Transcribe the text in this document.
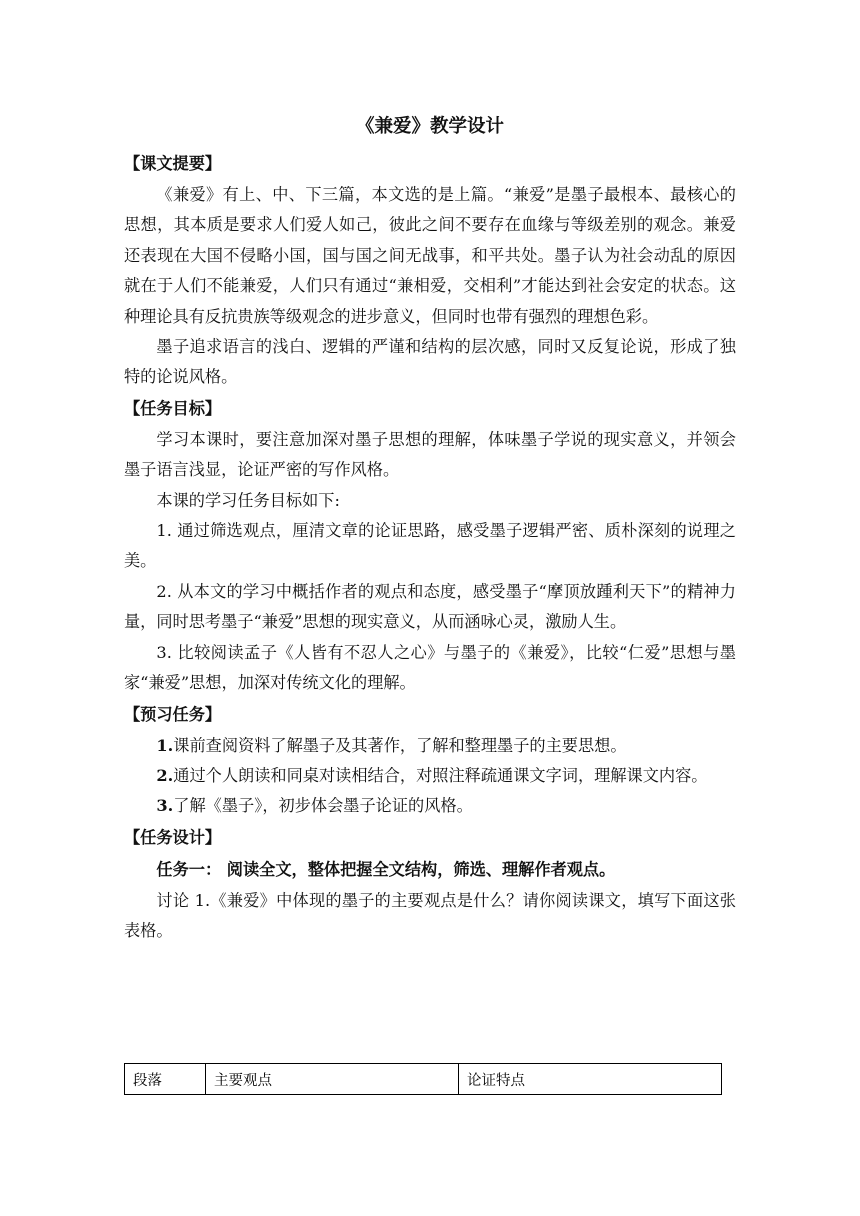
《兼爱》教学设计
【课文提要】

《兼爱》有上、中、下三篇，本文选的是上篇。“兼爱”是墨子最根本、最核心的思想，其本质是要求人们爱人如己，彼此之间不要存在血缘与等级差别的观念。兼爱还表现在大国不侵略小国，国与国之间无战事，和平共处。墨子认为社会动乱的原因就在于人们不能兼爱，人们只有通过“兼相爱，交相利”才能达到社会安定的状态。这种理论具有反抗贵族等级观念的进步意义，但同时也带有强烈的理想色彩。

墨子追求语言的浅白、逻辑的严谨和结构的层次感，同时又反复论说，形成了独特的论说风格。

【任务目标】

学习本课时，要注意加深对墨子思想的理解，体味墨子学说的现实意义，并领会墨子语言浅显，论证严密的写作风格。

本课的学习任务目标如下:

1. 通过筛选观点，厘清文章的论证思路，感受墨子逻辑严密、质朴深刻的说理之美。

2. 从本文的学习中概括作者的观点和态度，感受墨子“摩顶放踵利天下”的精神力量，同时思考墨子“兼爱”思想的现实意义，从而涵咏心灵，激励人生。

3. 比较阅读孟子《人皆有不忍人之心》与墨子的《兼爱》，比较“仁爱”思想与墨家“兼爱”思想，加深对传统文化的理解。

【预习任务】

1.课前查阅资料了解墨子及其著作，了解和整理墨子的主要思想。

2.通过个人朗读和同桌对读相结合，对照注释疏通课文字词，理解课文内容。

3.了解《墨子》，初步体会墨子论证的风格。

【任务设计】

任务一： 阅读全文，整体把握全文结构，筛选、理解作者观点。

讨论 1.《兼爱》中体现的墨子的主要观点是什么？请你阅读课文，填写下面这张表格。

段落	主要观点	论证特点
